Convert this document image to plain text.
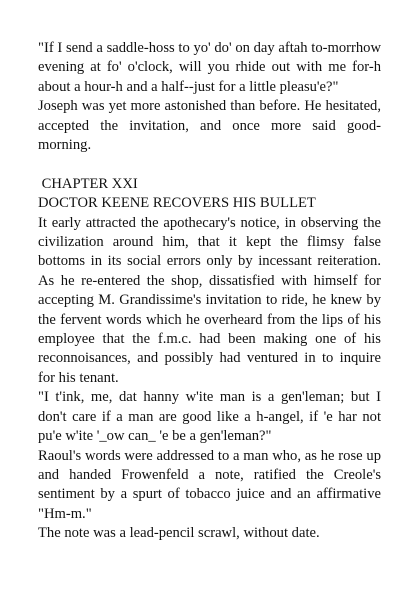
"If I send a saddle-hoss to yo' do' on day aftah to-morrhow evening at fo' o'clock, will you rhide out with me for-h about a hour-h and a half--just for a little pleasu'e?"

Joseph was yet more astonished than before. He hesitated, accepted the invitation, and once more said good-morning.

CHAPTER XXI

DOCTOR KEENE RECOVERS HIS BULLET

It early attracted the apothecary's notice, in observing the civilization around him, that it kept the flimsy false bottoms in its social errors only by incessant reiteration. As he re-entered the shop, dissatisfied with himself for accepting M. Grandissime's invitation to ride, he knew by the fervent words which he overheard from the lips of his employee that the f.m.c. had been making one of his reconnoisances, and possibly had ventured in to inquire for his tenant.

"I t'ink, me, dat hanny w'ite man is a gen'leman; but I don't care if a man are good like a h-angel, if 'e har not pu'e w'ite '_ow can_ 'e be a gen'leman?"

Raoul's words were addressed to a man who, as he rose up and handed Frowenfeld a note, ratified the Creole's sentiment by a spurt of tobacco juice and an affirmative "Hm-m."

The note was a lead-pencil scrawl, without date.
